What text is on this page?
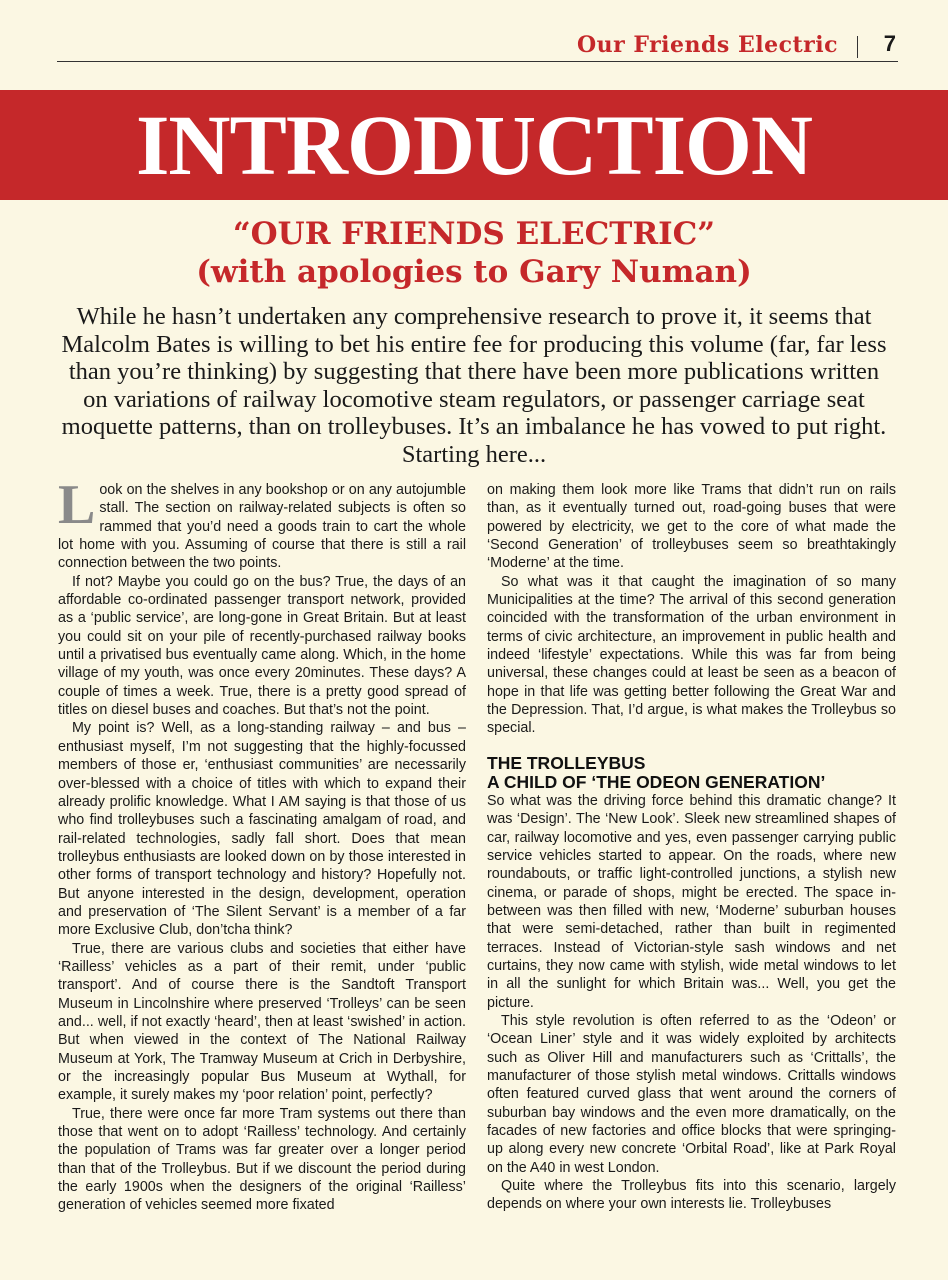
Our Friends Electric 7
INTRODUCTION
“OUR FRIENDS ELECTRIC”
(with apologies to Gary Numan)
While he hasn’t undertaken any comprehensive research to prove it, it seems that Malcolm Bates is willing to bet his entire fee for producing this volume (far, far less than you’re thinking) by suggesting that there have been more publications written on variations of railway locomotive steam regulators, or passenger carriage seat moquette patterns, than on trolleybuses. It’s an imbalance he has vowed to put right. Starting here...

Look on the shelves in any bookshop or on any autojumble stall. The section on railway-related subjects is often so rammed that you’d need a goods train to cart the whole lot home with you. Assuming of course that there is still a rail connection between the two points.

If not? Maybe you could go on the bus? True, the days of an affordable co-ordinated passenger transport network, provided as a ‘public service’, are long-gone in Great Britain. But at least you could sit on your pile of recently-purchased railway books until a privatised bus eventually came along. Which, in the home village of my youth, was once every 20minutes. These days? A couple of times a week. True, there is a pretty good spread of titles on diesel buses and coaches. But that’s not the point.

My point is? Well, as a long-standing railway – and bus – enthusiast myself, I’m not suggesting that the highly-focussed members of those er, ‘enthusiast communities’ are necessarily over-blessed with a choice of titles with which to expand their already prolific knowledge. What I AM saying is that those of us who find trolleybuses such a fascinating amalgam of road, and rail-related technologies, sadly fall short. Does that mean trolleybus enthusiasts are looked down on by those interested in other forms of transport technology and history? Hopefully not. But anyone interested in the design, development, operation and preservation of ‘The Silent Servant’ is a member of a far more Exclusive Club, don’tcha think?

True, there are various clubs and societies that either have ‘Railless’ vehicles as a part of their remit, under ‘public transport’. And of course there is the Sandtoft Transport Museum in Lincolnshire where preserved ‘Trolleys’ can be seen and... well, if not exactly ‘heard’, then at least ‘swished’ in action. But when viewed in the context of The National Railway Museum at York, The Tramway Museum at Crich in Derbyshire, or the increasingly popular Bus Museum at Wythall, for example, it surely makes my ‘poor relation’ point, perfectly?

True, there were once far more Tram systems out there than those that went on to adopt ‘Railless’ technology. And certainly the population of Trams was far greater over a longer period than that of the Trolleybus. But if we discount the period during the early 1900s when the designers of the original ‘Railless’ generation of vehicles seemed more fixated

on making them look more like Trams that didn’t run on rails than, as it eventually turned out, road-going buses that were powered by electricity, we get to the core of what made the ‘Second Generation’ of trolleybuses seem so breathtakingly ‘Moderne’ at the time.

So what was it that caught the imagination of so many Municipalities at the time? The arrival of this second generation coincided with the transformation of the urban environment in terms of civic architecture, an improvement in public health and indeed ‘lifestyle’ expectations. While this was far from being universal, these changes could at least be seen as a beacon of hope in that life was getting better following the Great War and the Depression. That, I’d argue, is what makes the Trolleybus so special.

THE TROLLEYBUS
A CHILD OF ‘THE ODEON GENERATION’

So what was the driving force behind this dramatic change? It was ‘Design’. The ‘New Look’. Sleek new streamlined shapes of car, railway locomotive and yes, even passenger carrying public service vehicles started to appear. On the roads, where new roundabouts, or traffic light-controlled junctions, a stylish new cinema, or parade of shops, might be erected. The space in-between was then filled with new, ‘Moderne’ suburban houses that were semi-detached, rather than built in regimented terraces. Instead of Victorian-style sash windows and net curtains, they now came with stylish, wide metal windows to let in all the sunlight for which Britain was... Well, you get the picture.

This style revolution is often referred to as the ‘Odeon’ or ‘Ocean Liner’ style and it was widely exploited by architects such as Oliver Hill and manufacturers such as ‘Crittalls’, the manufacturer of those stylish metal windows. Crittalls windows often featured curved glass that went around the corners of suburban bay windows and the even more dramatically, on the facades of new factories and office blocks that were springing-up along every new concrete ‘Orbital Road’, like at Park Royal on the A40 in west London.

Quite where the Trolleybus fits into this scenario, largely depends on where your own interests lie. Trolleybuses
